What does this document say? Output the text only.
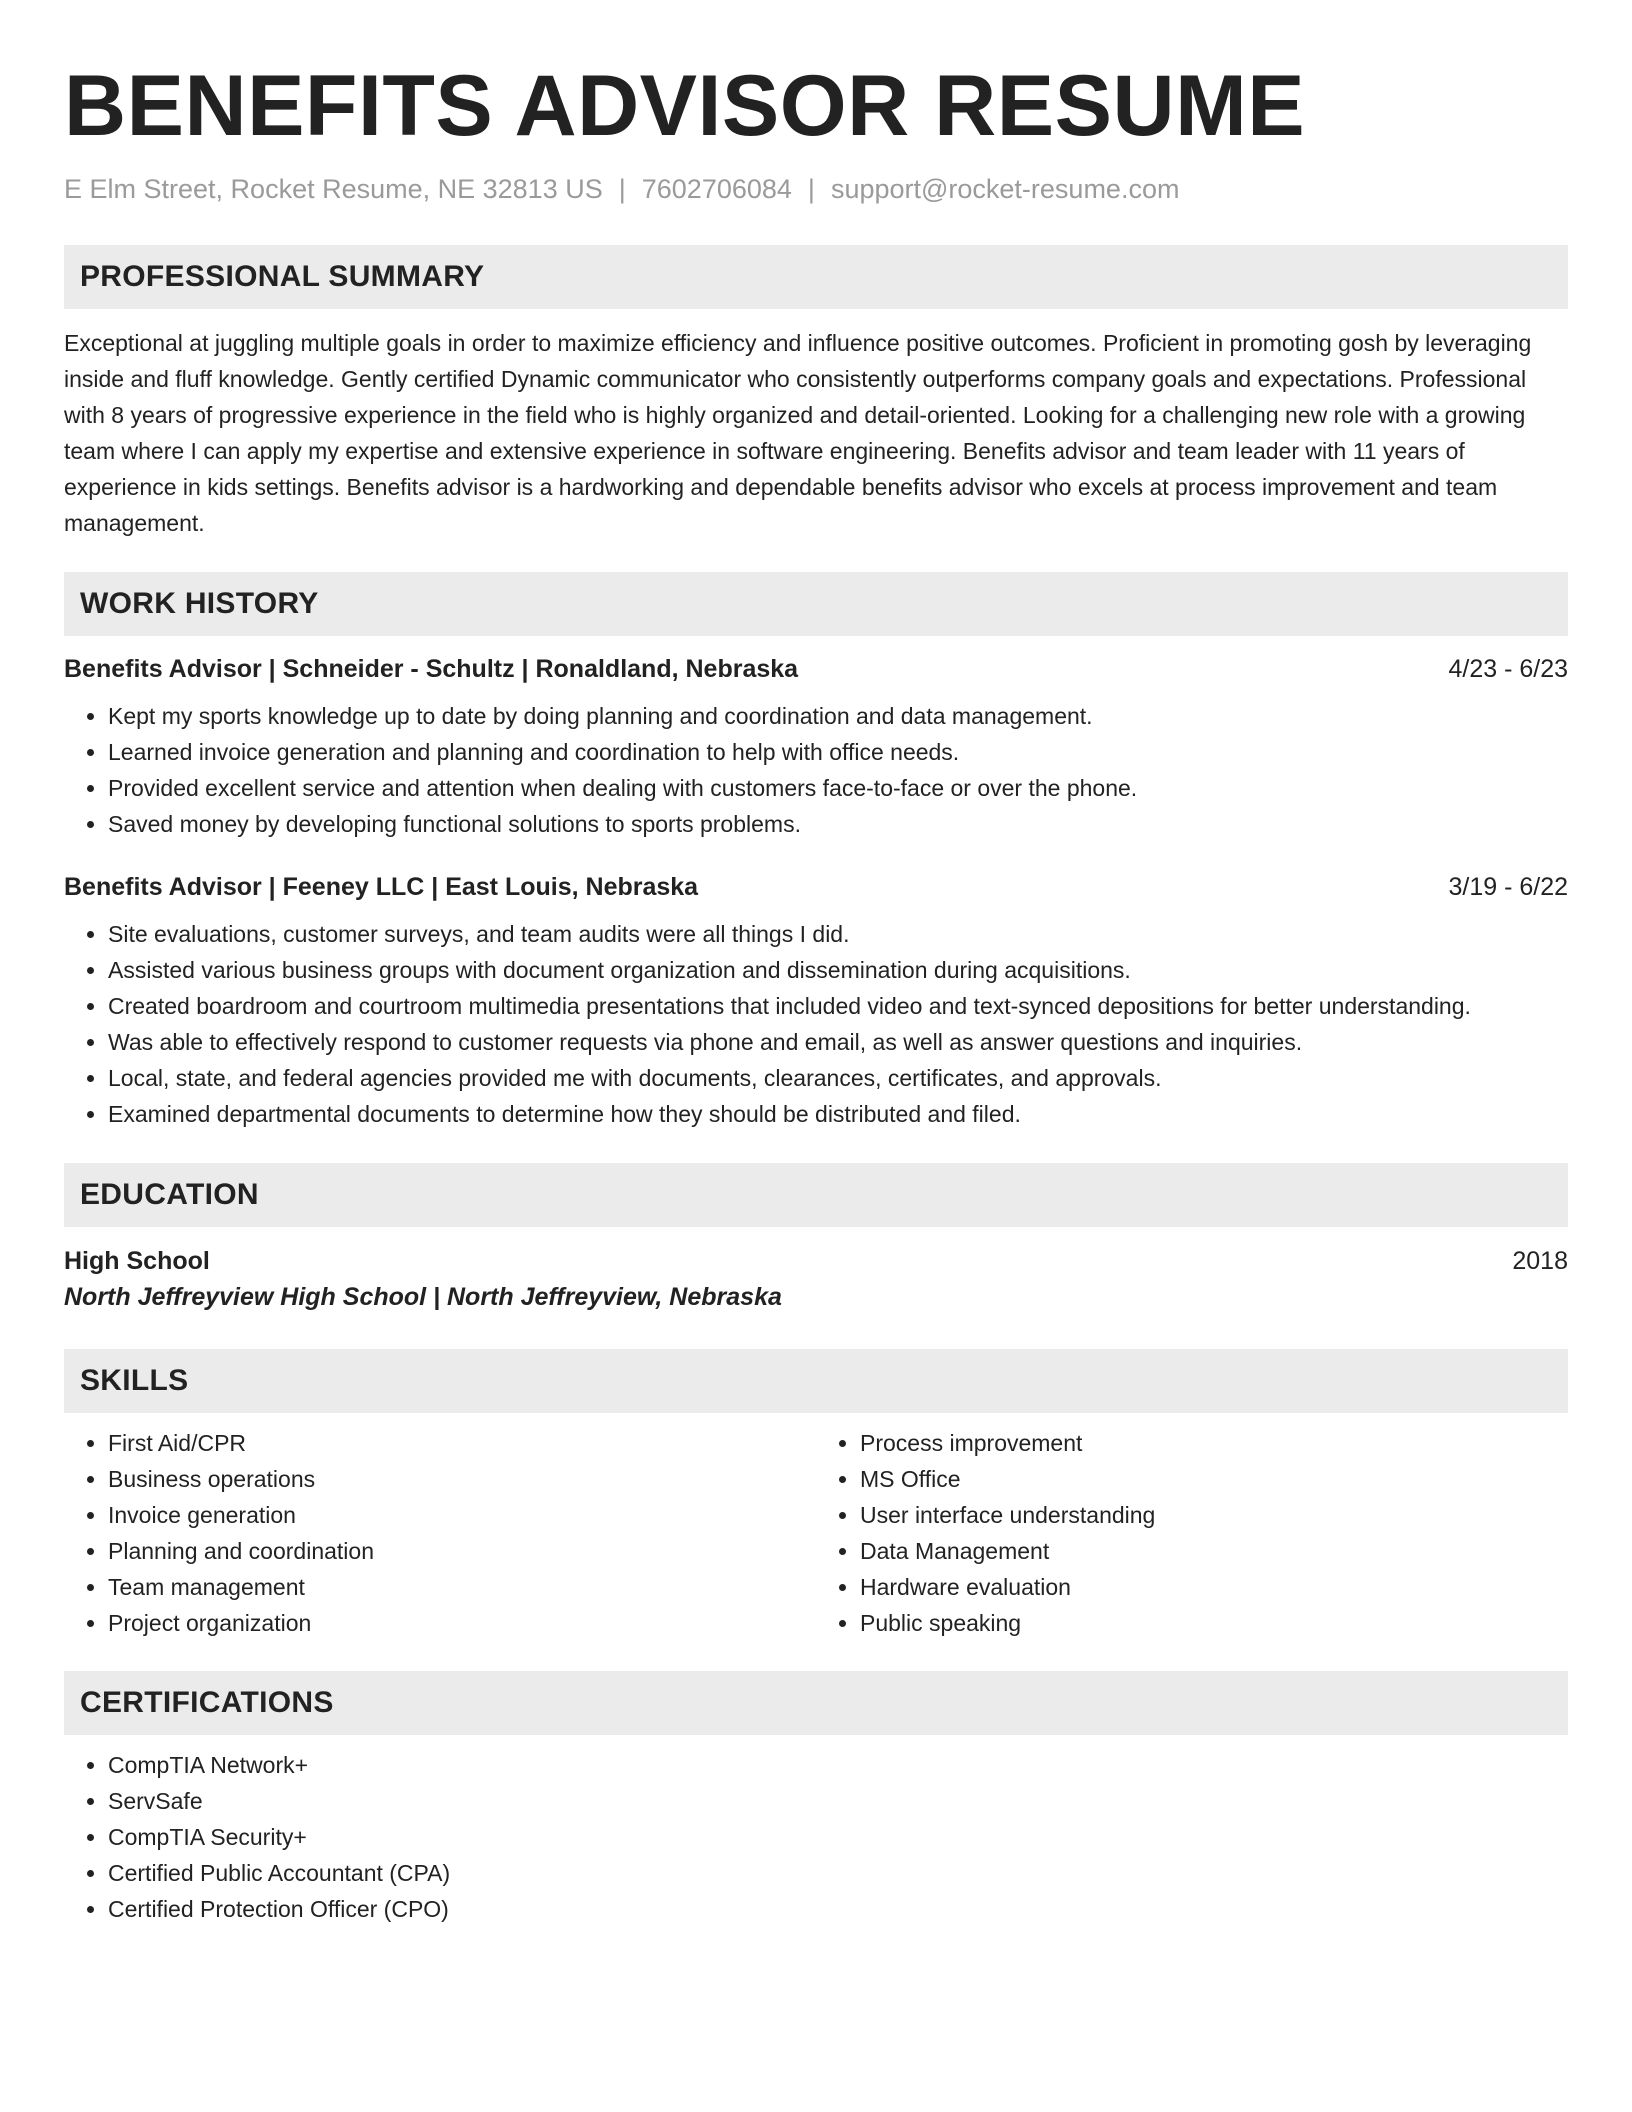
BENEFITS ADVISOR RESUME
E Elm Street, Rocket Resume, NE 32813 US | 7602706084 | support@rocket-resume.com
PROFESSIONAL SUMMARY

Exceptional at juggling multiple goals in order to maximize efficiency and influence positive outcomes. Proficient in promoting gosh by leveraging inside and fluff knowledge. Gently certified Dynamic communicator who consistently outperforms company goals and expectations. Professional with 8 years of progressive experience in the field who is highly organized and detail-oriented. Looking for a challenging new role with a growing team where I can apply my expertise and extensive experience in software engineering. Benefits advisor and team leader with 11 years of experience in kids settings. Benefits advisor is a hardworking and dependable benefits advisor who excels at process improvement and team management.

WORK HISTORY
Benefits Advisor | Schneider - Schultz | Ronaldland, Nebraska	4/23 - 6/23
• Kept my sports knowledge up to date by doing planning and coordination and data management.
• Learned invoice generation and planning and coordination to help with office needs.
• Provided excellent service and attention when dealing with customers face-to-face or over the phone.
• Saved money by developing functional solutions to sports problems.
Benefits Advisor | Feeney LLC | East Louis, Nebraska	3/19 - 6/22
• Site evaluations, customer surveys, and team audits were all things I did.
• Assisted various business groups with document organization and dissemination during acquisitions.
• Created boardroom and courtroom multimedia presentations that included video and text-synced depositions for better understanding.
• Was able to effectively respond to customer requests via phone and email, as well as answer questions and inquiries.
• Local, state, and federal agencies provided me with documents, clearances, certificates, and approvals.
• Examined departmental documents to determine how they should be distributed and filed.
EDUCATION
High School	2018
North Jeffreyview High School | North Jeffreyview, Nebraska
SKILLS
• First Aid/CPR
• Business operations
• Invoice generation
• Planning and coordination
• Team management
• Project organization
• Process improvement
• MS Office
• User interface understanding
• Data Management
• Hardware evaluation
• Public speaking
CERTIFICATIONS
• CompTIA Network+
• ServSafe
• CompTIA Security+
• Certified Public Accountant (CPA)
• Certified Protection Officer (CPO)
